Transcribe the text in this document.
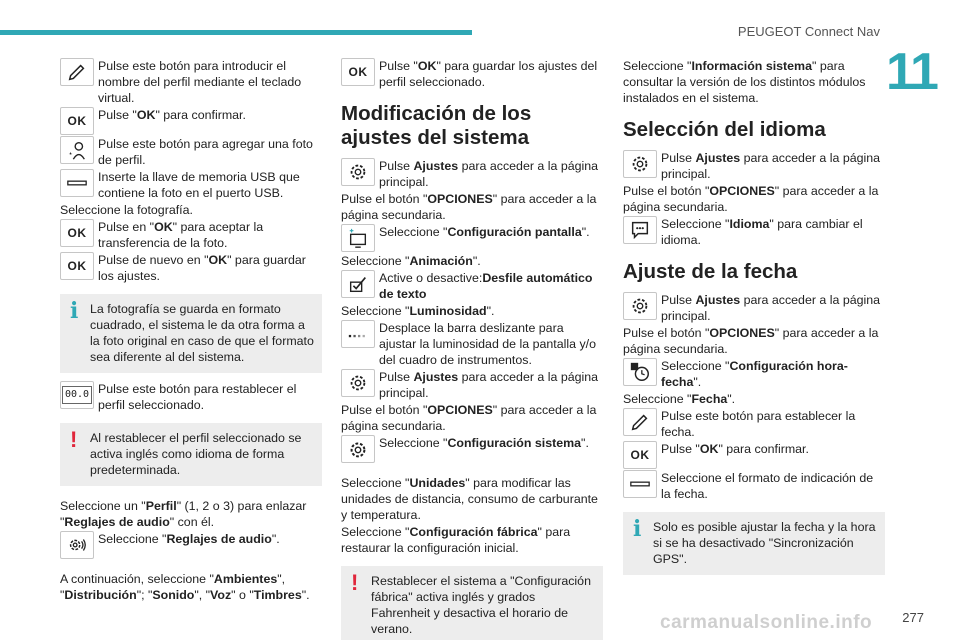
PEUGEOT Connect Nav
11
Pulse este botón para introducir el nombre del perfil mediante el teclado virtual.
OK Pulse "OK" para confirmar.
Pulse este botón para agregar una foto de perfil.
Inserte la llave de memoria USB que contiene la foto en el puerto USB.
Seleccione la fotografía.
OK Pulse en "OK" para aceptar la transferencia de la foto.
OK Pulse de nuevo en "OK" para guardar los ajustes.
i La fotografía se guarda en formato cuadrado, el sistema le da otra forma a la foto original en caso de que el formato sea diferente al del sistema.
00.0 Pulse este botón para restablecer el perfil seleccionado.
! Al restablecer el perfil seleccionado se activa inglés como idioma de forma predeterminada.
Seleccione un "Perfil" (1, 2 o 3) para enlazar "Reglajes de audio" con él.
Seleccione "Reglajes de audio".
A continuación, seleccione "Ambientes", "Distribución"; "Sonido", "Voz" o "Timbres".
OK Pulse "OK" para guardar los ajustes del perfil seleccionado.
Modificación de los ajustes del sistema
Pulse Ajustes para acceder a la página principal.
Pulse el botón "OPCIONES" para acceder a la página secundaria.
Seleccione "Configuración pantalla".
Seleccione "Animación".
Active o desactive:Desfile automático de texto
Seleccione "Luminosidad".
Desplace la barra deslizante para ajustar la luminosidad de la pantalla y/o del cuadro de instrumentos.
Pulse Ajustes para acceder a la página principal.
Pulse el botón "OPCIONES" para acceder a la página secundaria.
Seleccione "Configuración sistema".
Seleccione "Unidades" para modificar las unidades de distancia, consumo de carburante y temperatura.
Seleccione "Configuración fábrica" para restaurar la configuración inicial.
! Restablecer el sistema a "Configuración fábrica" activa inglés y grados Fahrenheit y desactiva el horario de verano.
Seleccione "Información sistema" para consultar la versión de los distintos módulos instalados en el sistema.
Selección del idioma
Pulse Ajustes para acceder a la página principal.
Pulse el botón "OPCIONES" para acceder a la página secundaria.
Seleccione "Idioma" para cambiar el idioma.
Ajuste de la fecha
Pulse Ajustes para acceder a la página principal.
Pulse el botón "OPCIONES" para acceder a la página secundaria.
Seleccione "Configuración hora-fecha".
Seleccione "Fecha".
Pulse este botón para establecer la fecha.
OK Pulse "OK" para confirmar.
Seleccione el formato de indicación de la fecha.
i Solo es posible ajustar la fecha y la hora si se ha desactivado "Sincronización GPS".
carmanualsonline.info 277
